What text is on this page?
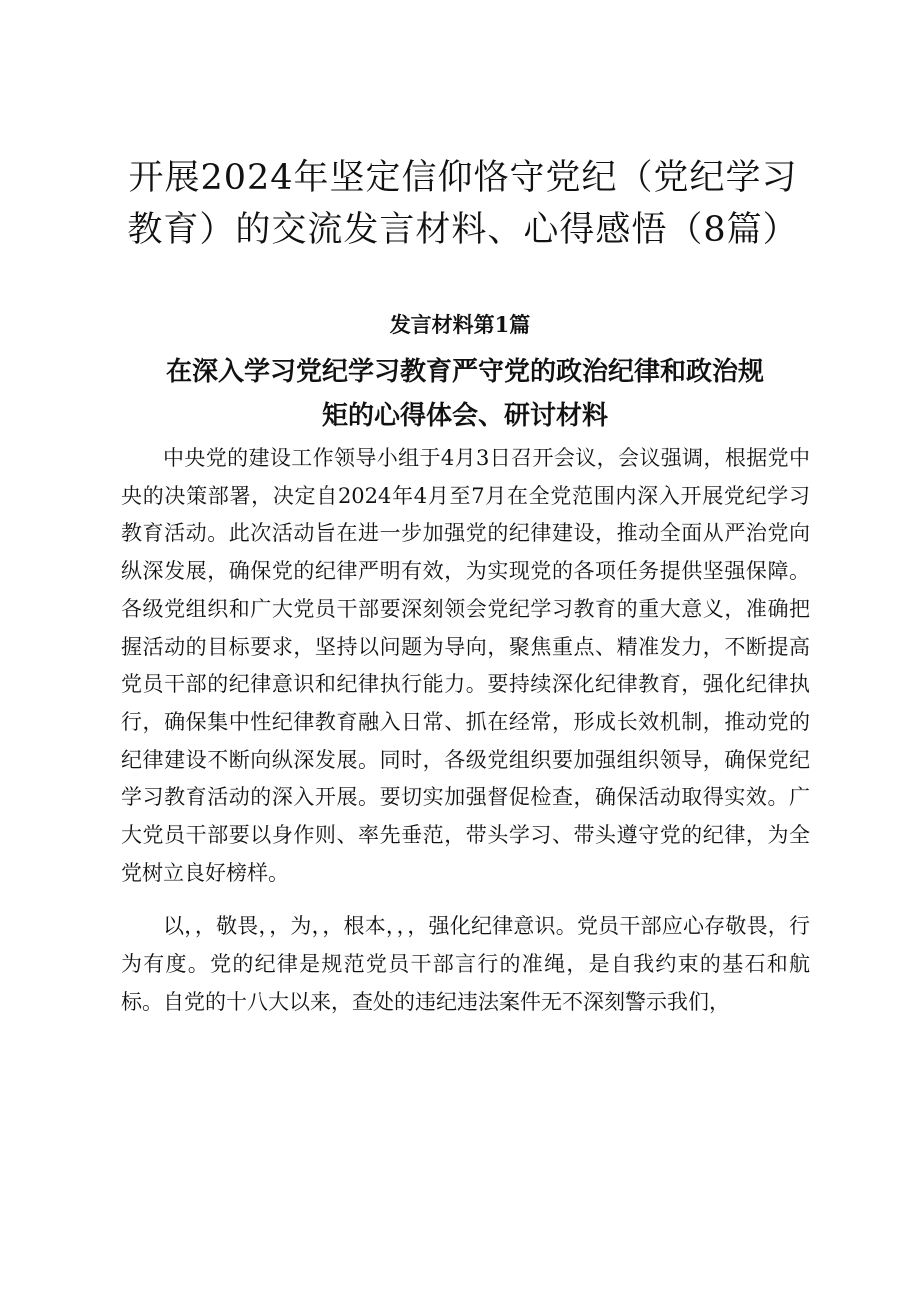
开展2024年坚定信仰恪守党纪（党纪学习教育）的交流发言材料、心得感悟（8篇）
发言材料第1篇
在深入学习党纪学习教育严守党的政治纪律和政治规矩的心得体会、研讨材料

中央党的建设工作领导小组于4月3日召开会议，会议强调，根据党中央的决策部署，决定自2024年4月至7月在全党范围内深入开展党纪学习教育活动。此次活动旨在进一步加强党的纪律建设，推动全面从严治党向纵深发展，确保党的纪律严明有效，为实现党的各项任务提供坚强保障。各级党组织和广大党员干部要深刻领会党纪学习教育的重大意义，准确把握活动的目标要求，坚持以问题为导向，聚焦重点、精准发力，不断提高党员干部的纪律意识和纪律执行能力。要持续深化纪律教育，强化纪律执行，确保集中性纪律教育融入日常、抓在经常，形成长效机制，推动党的纪律建设不断向纵深发展。同时，各级党组织要加强组织领导，确保党纪学习教育活动的深入开展。要切实加强督促检查，确保活动取得实效。广大党员干部要以身作则、率先垂范，带头学习、带头遵守党的纪律，为全党树立良好榜样。

以，，敬畏，，为，，根本，，，强化纪律意识。党员干部应心存敬畏，行为有度。党的纪律是规范党员干部言行的准绳，是自我约束的基石和航标。自党的十八大以来，查处的违纪违法案件无不深刻警示我们，
